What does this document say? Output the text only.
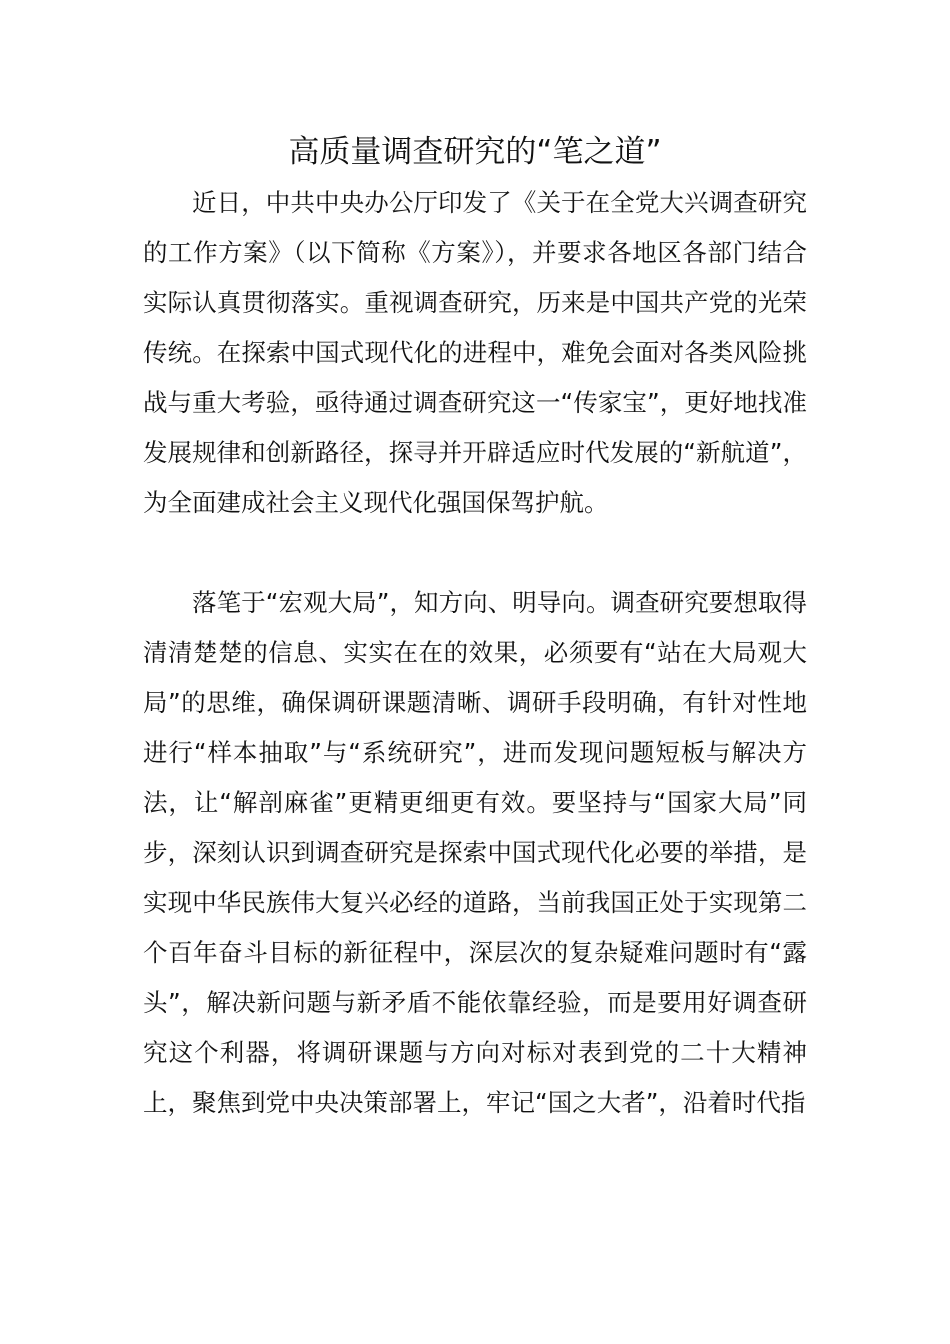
高质量调查研究的“笔之道”

近日，中共中央办公厅印发了《关于在全党大兴调查研究的工作方案》（以下简称《方案》），并要求各地区各部门结合实际认真贯彻落实。重视调查研究，历来是中国共产党的光荣传统。在探索中国式现代化的进程中，难免会面对各类风险挑战与重大考验，亟待通过调查研究这一“传家宝”，更好地找准发展规律和创新路径，探寻并开辟适应时代发展的“新航道”，为全面建成社会主义现代化强国保驾护航。

落笔于“宏观大局”，知方向、明导向。调查研究要想取得清清楚楚的信息、实实在在的效果，必须要有“站在大局观大局”的思维，确保调研课题清晰、调研手段明确，有针对性地进行“样本抽取”与“系统研究”，进而发现问题短板与解决方法，让“解剖麻雀”更精更细更有效。要坚持与“国家大局”同步，深刻认识到调查研究是探索中国式现代化必要的举措，是实现中华民族伟大复兴必经的道路，当前我国正处于实现第二个百年奋斗目标的新征程中，深层次的复杂疑难问题时有“露头”，解决新问题与新矛盾不能依靠经验，而是要用好调查研究这个利器，将调研课题与方向对标对表到党的二十大精神上，聚焦到党中央决策部署上，牢记“国之大者”，沿着时代指
